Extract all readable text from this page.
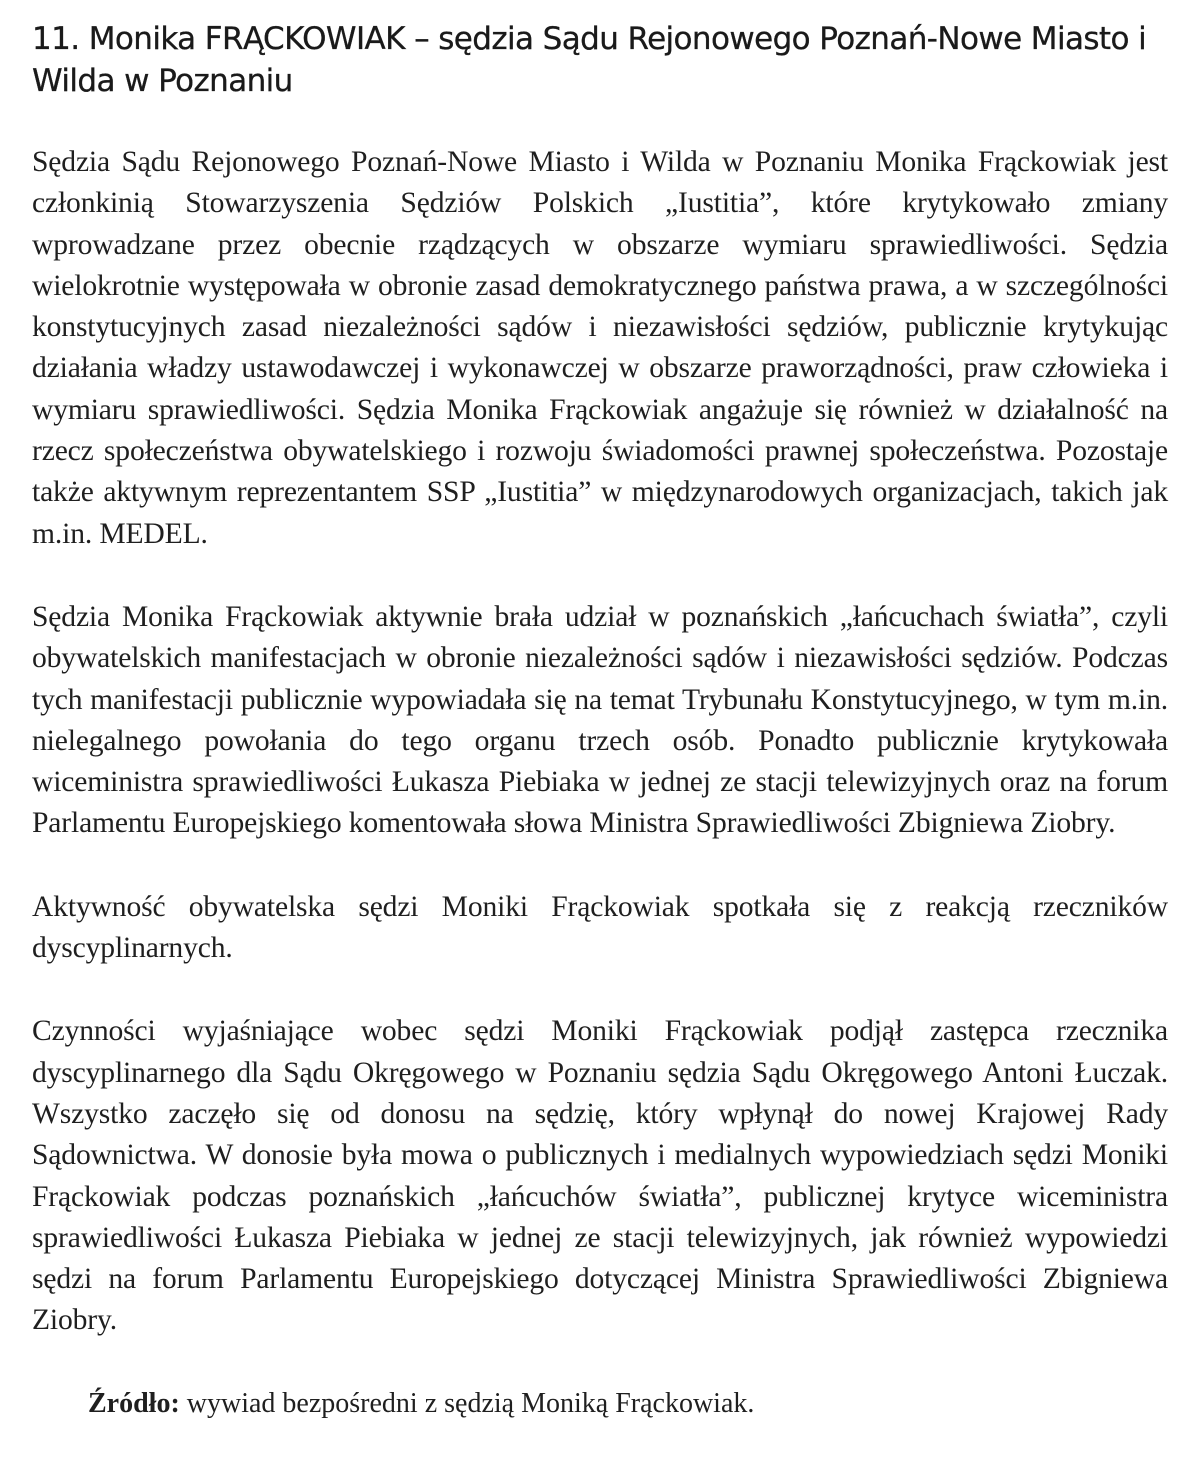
11. Monika FRĄCKOWIAK – sędzia Sądu Rejonowego Poznań-Nowe Miasto i Wilda w Poznaniu

Sędzia Sądu Rejonowego Poznań-Nowe Miasto i Wilda w Poznaniu Monika Frąckowiak jest członkinią Stowarzyszenia Sędziów Polskich „Iustitia”, które krytykowało zmiany wprowadzane przez obecnie rządzących w obszarze wymiaru sprawiedliwości. Sędzia wielokrotnie występowała w obronie zasad demokratycznego państwa prawa, a w szczególności konstytucyjnych zasad niezależności sądów i niezawisłości sędziów, publicznie krytykując działania władzy ustawodawczej i wykonawczej w obszarze praworządności, praw człowieka i wymiaru sprawiedliwości. Sędzia Monika Frąckowiak angażuje się również w działalność na rzecz społeczeństwa obywatelskiego i rozwoju świadomości prawnej społeczeństwa. Pozostaje także aktywnym reprezentantem SSP „Iustitia” w międzynarodowych organizacjach, takich jak m.in. MEDEL.

Sędzia Monika Frąckowiak aktywnie brała udział w poznańskich „łańcuchach światła”, czyli obywatelskich manifestacjach w obronie niezależności sądów i niezawisłości sędziów. Podczas tych manifestacji publicznie wypowiadała się na temat Trybunału Konstytucyjnego, w tym m.in. nielegalnego powołania do tego organu trzech osób. Ponadto publicznie krytykowała wiceministra sprawiedliwości Łukasza Piebiaka w jednej ze stacji telewizyjnych oraz na forum Parlamentu Europejskiego komentowała słowa Ministra Sprawiedliwości Zbigniewa Ziobry.

Aktywność obywatelska sędzi Moniki Frąckowiak spotkała się z reakcją rzeczników dyscyplinarnych.

Czynności wyjaśniające wobec sędzi Moniki Frąckowiak podjął zastępca rzecznika dyscyplinarnego dla Sądu Okręgowego w Poznaniu sędzia Sądu Okręgowego Antoni Łuczak. Wszystko zaczęło się od donosu na sędzię, który wpłynął do nowej Krajowej Rady Sądownictwa. W donosie była mowa o publicznych i medialnych wypowiedziach sędzi Moniki Frąckowiak podczas poznańskich „łańcuchów światła”, publicznej krytyce wiceministra sprawiedliwości Łukasza Piebiaka w jednej ze stacji telewizyjnych, jak również wypowiedzi sędzi na forum Parlamentu Europejskiego dotyczącej Ministra Sprawiedliwości Zbigniewa Ziobry.

Źródło: wywiad bezpośredni z sędzią Moniką Frąckowiak.
